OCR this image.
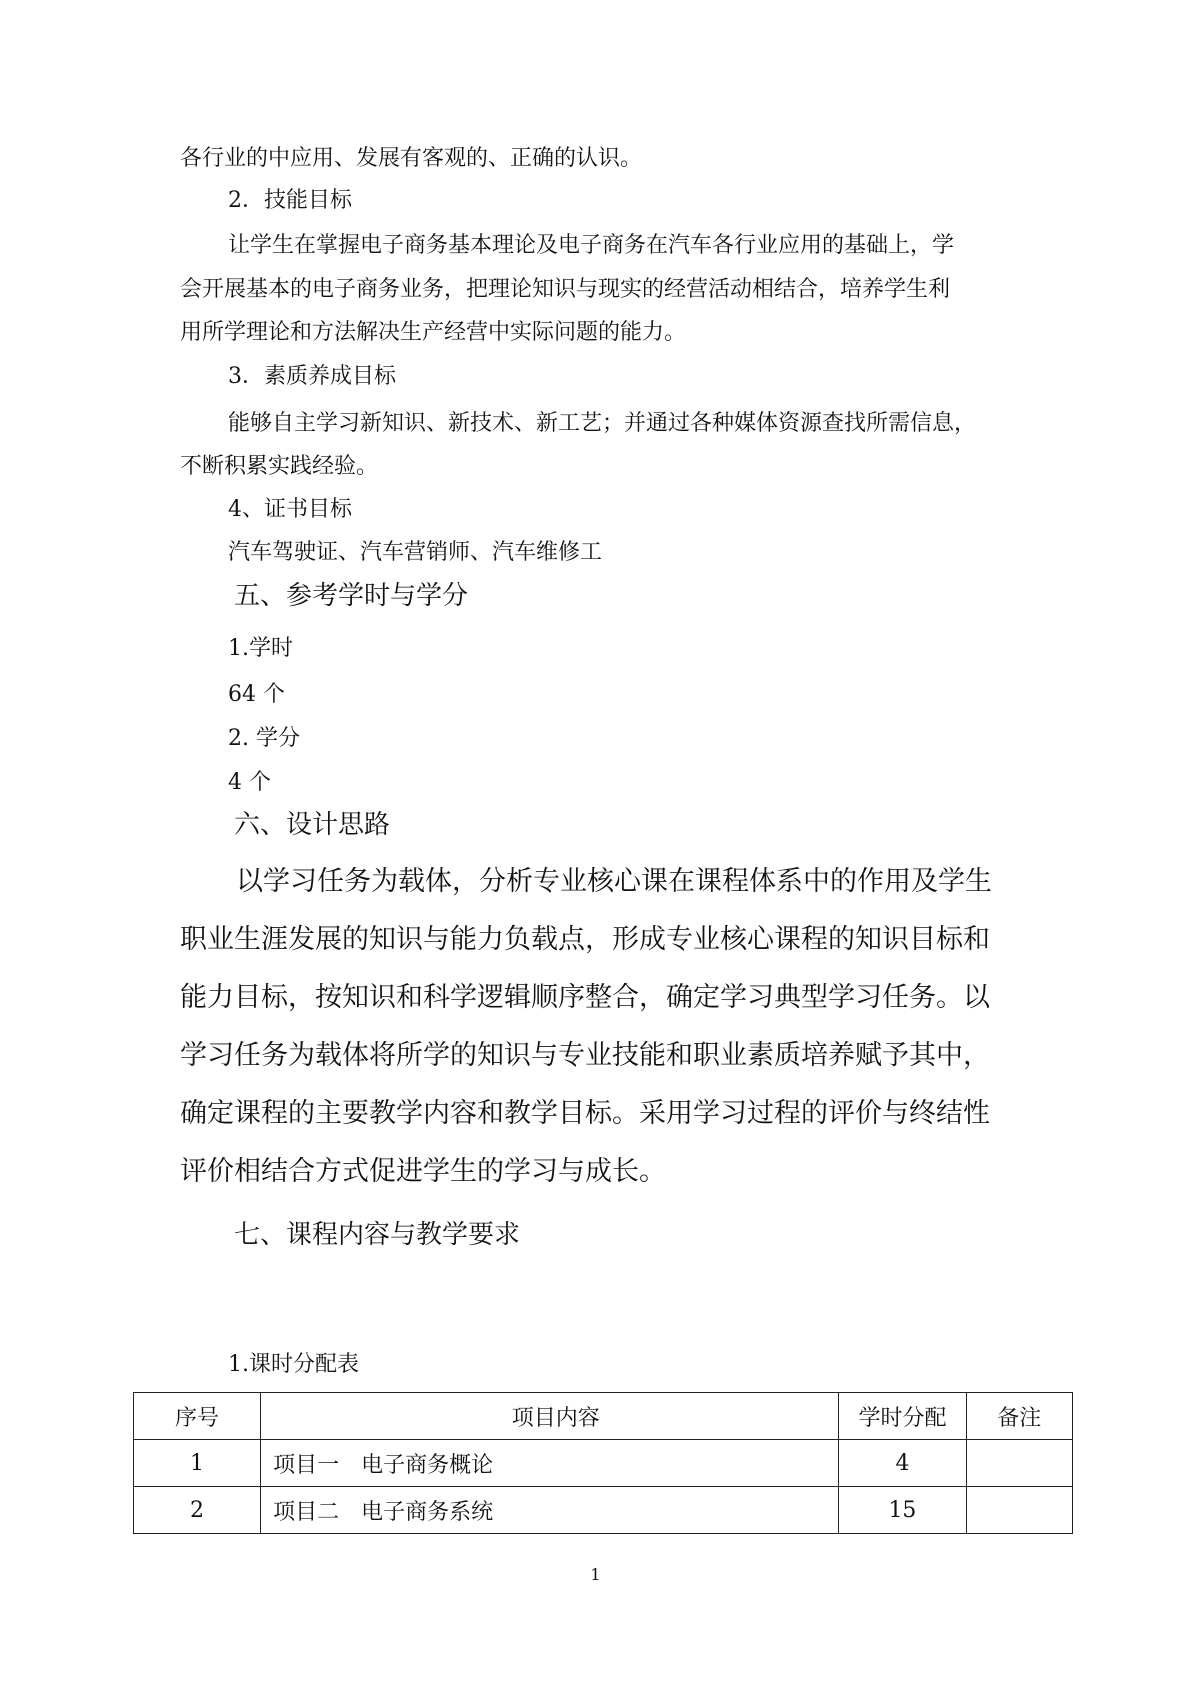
各行业的中应用、发展有客观的、正确的认识。
2．技能目标
让学生在掌握电子商务基本理论及电子商务在汽车各行业应用的基础上，学
会开展基本的电子商务业务，把理论知识与现实的经营活动相结合，培养学生利
用所学理论和方法解决生产经营中实际问题的能力。
3．素质养成目标
能够自主学习新知识、新技术、新工艺；并通过各种媒体资源查找所需信息，
不断积累实践经验。
4、证书目标
汽车驾驶证、汽车营销师、汽车维修工
五、参考学时与学分
1.学时
64 个
2. 学分
4 个
六、设计思路
以学习任务为载体，分析专业核心课在课程体系中的作用及学生
职业生涯发展的知识与能力负载点，形成专业核心课程的知识目标和
能力目标，按知识和科学逻辑顺序整合，确定学习典型学习任务。以
学习任务为载体将所学的知识与专业技能和职业素质培养赋予其中，
确定课程的主要教学内容和教学目标。采用学习过程的评价与终结性
评价相结合方式促进学生的学习与成长。
七、课程内容与教学要求
1.课时分配表
序号	项目内容	学时分配	备注
1	项目一　电子商务概论	4	
2	项目二　电子商务系统	15	
1
